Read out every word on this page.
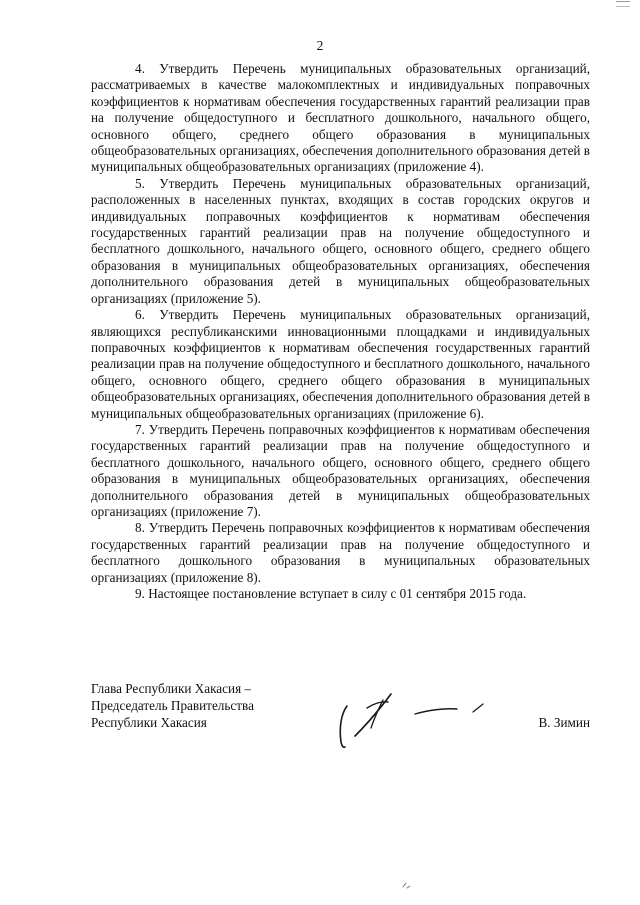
2

4. Утвердить Перечень муниципальных образовательных организаций, рассматриваемых в качестве малокомплектных и индивидуальных поправочных коэффициентов к нормативам обеспечения государственных гарантий реализации прав на получение общедоступного и бесплатного дошкольного, начального общего, основного общего, среднего общего образования в муниципальных общеобразовательных организациях, обеспечения дополнительного образования детей в муниципальных общеобразовательных организациях (приложение 4).

5. Утвердить Перечень муниципальных образовательных организаций, расположенных в населенных пунктах, входящих в состав городских округов и индивидуальных поправочных коэффициентов к нормативам обеспечения государственных гарантий реализации прав на получение общедоступного и бесплатного дошкольного, начального общего, основного общего, среднего общего образования в муниципальных общеобразовательных организациях, обеспечения дополнительного образования детей в муниципальных общеобразовательных организациях (приложение 5).

6. Утвердить Перечень муниципальных образовательных организаций, являющихся республиканскими инновационными площадками и индивидуальных поправочных коэффициентов к нормативам обеспечения государственных гарантий реализации прав на получение общедоступного и бесплатного дошкольного, начального общего, основного общего, среднего общего образования в муниципальных общеобразовательных организациях, обеспечения дополнительного образования детей в муниципальных общеобразовательных организациях (приложение 6).

7. Утвердить Перечень поправочных коэффициентов к нормативам обеспечения государственных гарантий реализации прав на получение общедоступного и бесплатного дошкольного, начального общего, основного общего, среднего общего образования в муниципальных общеобразовательных организациях, обеспечения дополнительного образования детей в муниципальных общеобразовательных организациях (приложение 7).

8. Утвердить Перечень поправочных коэффициентов к нормативам обеспечения государственных гарантий реализации прав на получение общедоступного и бесплатного дошкольного образования в муниципальных образовательных организациях (приложение 8).

9. Настоящее постановление вступает в силу с 01 сентября 2015 года.

Глава Республики Хакасия –
Председатель Правительства
Республики Хакасия	В. Зимин
